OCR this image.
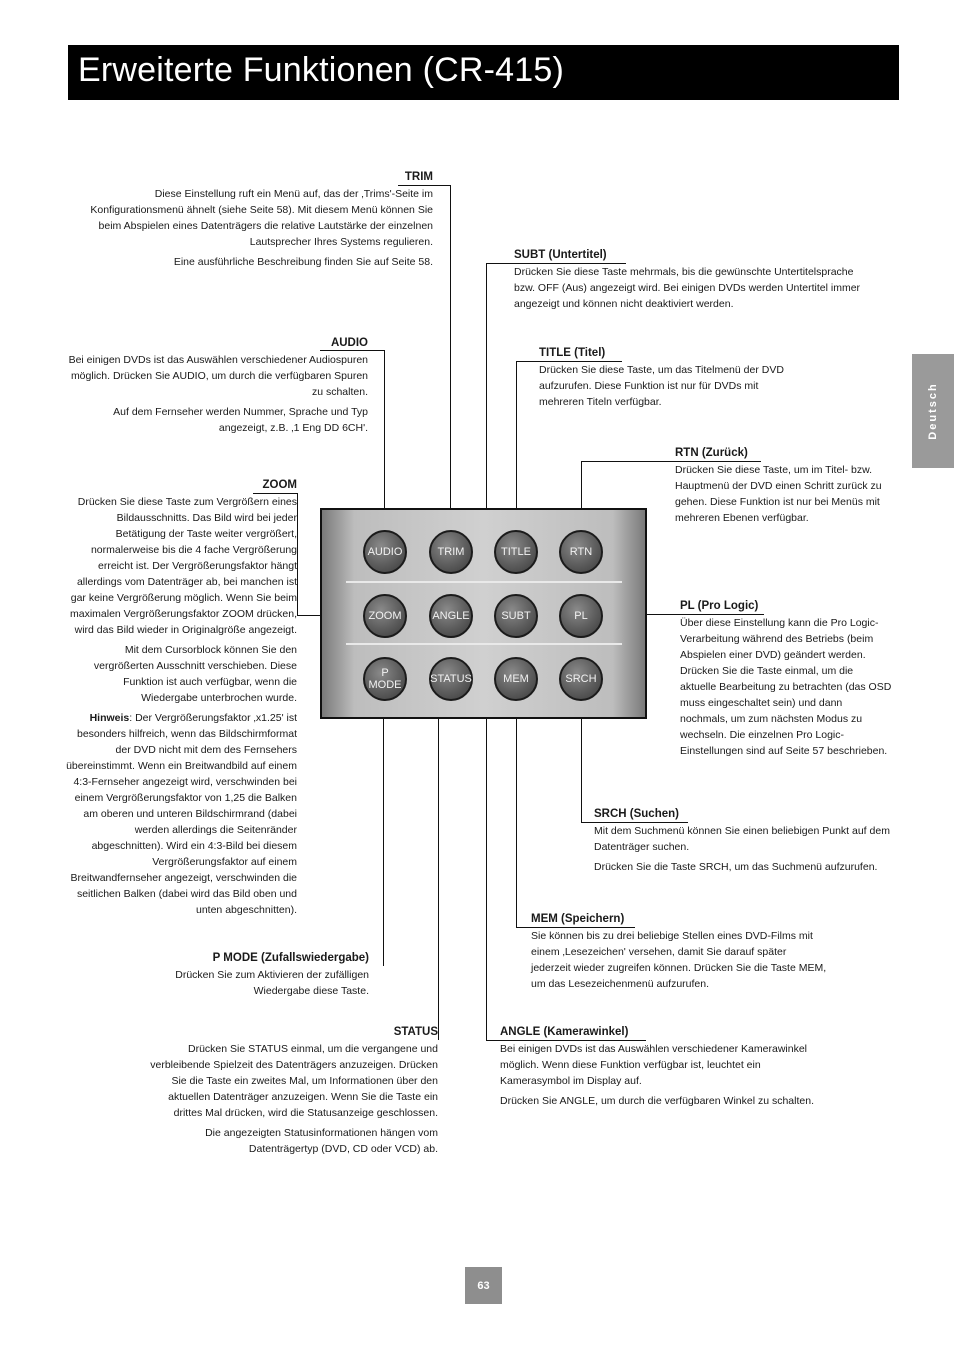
Erweiterte Funktionen (CR-415)
Deutsch
TRIM

Diese Einstellung ruft ein Menü auf, das der ‚Trims'-Seite im Konfigurationsmenü ähnelt (siehe Seite 58). Mit diesem Menü können Sie beim Abspielen eines Datenträgers die relative Lautstärke der einzelnen Lautsprecher Ihres Systems regulieren.

Eine ausführliche Beschreibung finden Sie auf Seite 58.

AUDIO

Bei einigen DVDs ist das Auswählen verschiedener Audiospuren möglich. Drücken Sie AUDIO, um durch die verfügbaren Spuren zu schalten.

Auf dem Fernseher werden Nummer, Sprache und Typ angezeigt, z.B. ‚1 Eng DD 6CH'.

ZOOM

Drücken Sie diese Taste zum Vergrößern eines Bildausschnitts. Das Bild wird bei jeder Betätigung der Taste weiter vergrößert, normalerweise bis die 4 fache Vergrößerung erreicht ist. Der Vergrößerungsfaktor hängt allerdings vom Datenträger ab, bei manchen ist gar keine Vergrößerung möglich. Wenn Sie beim maximalen Vergrößerungsfaktor ZOOM drücken, wird das Bild wieder in Originalgröße angezeigt.

Mit dem Cursorblock können Sie den vergrößerten Ausschnitt verschieben. Diese Funktion ist auch verfügbar, wenn die Wiedergabe unterbrochen wurde.

Hinweis: Der Vergrößerungsfaktor ‚x1.25' ist besonders hilfreich, wenn das Bildschirmformat der DVD nicht mit dem des Fernsehers übereinstimmt. Wenn ein Breitwandbild auf einem 4:3-Fernseher angezeigt wird, verschwinden bei einem Vergrößerungsfaktor von 1,25 die Balken am oberen und unteren Bildschirmrand (dabei werden allerdings die Seitenränder abgeschnitten). Wird ein 4:3-Bild bei diesem Vergrößerungsfaktor auf einem Breitwandfernseher angezeigt, verschwinden die seitlichen Balken (dabei wird das Bild oben und unten abgeschnitten).

P MODE (Zufallswiedergabe)

Drücken Sie zum Aktivieren der zufälligen Wiedergabe diese Taste.

STATUS

Drücken Sie STATUS einmal, um die vergangene und verbleibende Spielzeit des Datenträgers anzuzeigen. Drücken Sie die Taste ein zweites Mal, um Informationen über den aktuellen Datenträger anzuzeigen. Wenn Sie die Taste ein drittes Mal drücken, wird die Statusanzeige geschlossen.

Die angezeigten Statusinformationen hängen vom Datenträgertyp (DVD, CD oder VCD) ab.

SUBT (Untertitel)

Drücken Sie diese Taste mehrmals, bis die gewünschte Untertitelsprache bzw. OFF (Aus) angezeigt wird. Bei einigen DVDs werden Untertitel immer angezeigt und können nicht deaktiviert werden.

TITLE (Titel)

Drücken Sie diese Taste, um das Titelmenü der DVD aufzurufen. Diese Funktion ist nur für DVDs mit mehreren Titeln verfügbar.

RTN (Zurück)

Drücken Sie diese Taste, um im Titel- bzw. Hauptmenü der DVD einen Schritt zurück zu gehen. Diese Funktion ist nur bei Menüs mit mehreren Ebenen verfügbar.

PL (Pro Logic)

Über diese Einstellung kann die Pro Logic-Verarbeitung während des Betriebs (beim Abspielen einer DVD) geändert werden. Drücken Sie die Taste einmal, um die aktuelle Bearbeitung zu betrachten (das OSD muss eingeschaltet sein) und dann nochmals, um zum nächsten Modus zu wechseln. Die einzelnen Pro Logic-Einstellungen sind auf Seite 57 beschrieben.

SRCH (Suchen)

Mit dem Suchmenü können Sie einen beliebigen Punkt auf dem Datenträger suchen.

Drücken Sie die Taste SRCH, um das Suchmenü aufzurufen.

MEM (Speichern)

Sie können bis zu drei beliebige Stellen eines DVD-Films mit einem ‚Lesezeichen' versehen, damit Sie darauf später jederzeit wieder zugreifen können. Drücken Sie die Taste MEM, um das Lesezeichenmenü aufzurufen.

ANGLE (Kamerawinkel)

Bei einigen DVDs ist das Auswählen verschiedener Kamerawinkel möglich. Wenn diese Funktion verfügbar ist, leuchtet ein Kamerasymbol im Display auf.

Drücken Sie ANGLE, um durch die verfügbaren Winkel zu schalten.

AUDIO	TRIM	TITLE	RTN
ZOOM	ANGLE	SUBT	PL
P
MODE	STATUS	MEM	SRCH
63
